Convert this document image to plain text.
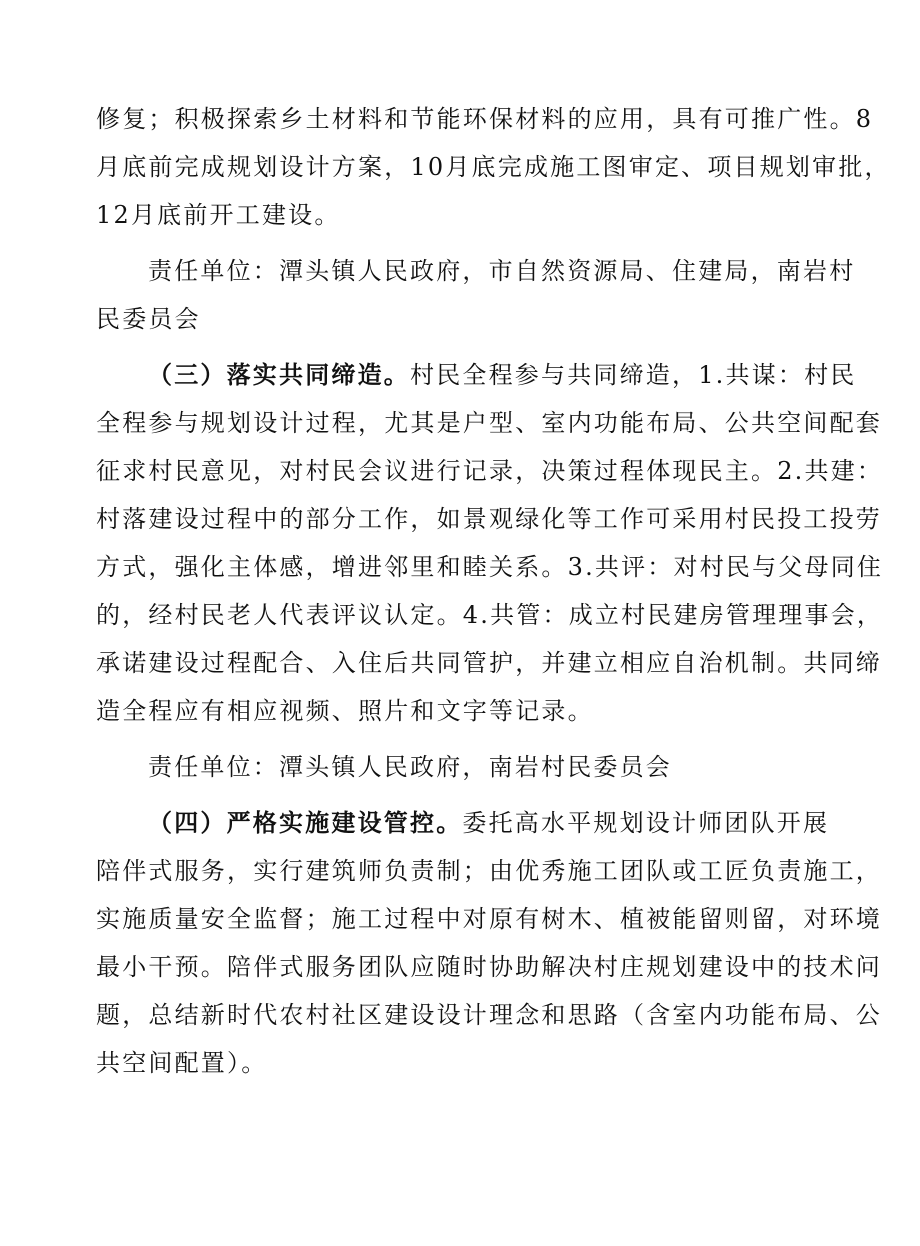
修复；积极探索乡土材料和节能环保材料的应用，具有可推广性。8
月底前完成规划设计方案，10月底完成施工图审定、项目规划审批，
12月底前开工建设。
责任单位：潭头镇人民政府，市自然资源局、住建局，南岩村
民委员会
（三）落实共同缔造。村民全程参与共同缔造，1.共谋：村民
全程参与规划设计过程，尤其是户型、室内功能布局、公共空间配套
征求村民意见，对村民会议进行记录，决策过程体现民主。2.共建：
村落建设过程中的部分工作，如景观绿化等工作可采用村民投工投劳
方式，强化主体感，增进邻里和睦关系。3.共评：对村民与父母同住
的，经村民老人代表评议认定。4.共管：成立村民建房管理理事会，
承诺建设过程配合、入住后共同管护，并建立相应自治机制。共同缔
造全程应有相应视频、照片和文字等记录。
责任单位：潭头镇人民政府，南岩村民委员会
（四）严格实施建设管控。委托高水平规划设计师团队开展
陪伴式服务，实行建筑师负责制；由优秀施工团队或工匠负责施工，
实施质量安全监督；施工过程中对原有树木、植被能留则留，对环境
最小干预。陪伴式服务团队应随时协助解决村庄规划建设中的技术问
题，总结新时代农村社区建设设计理念和思路（含室内功能布局、公
共空间配置）。
